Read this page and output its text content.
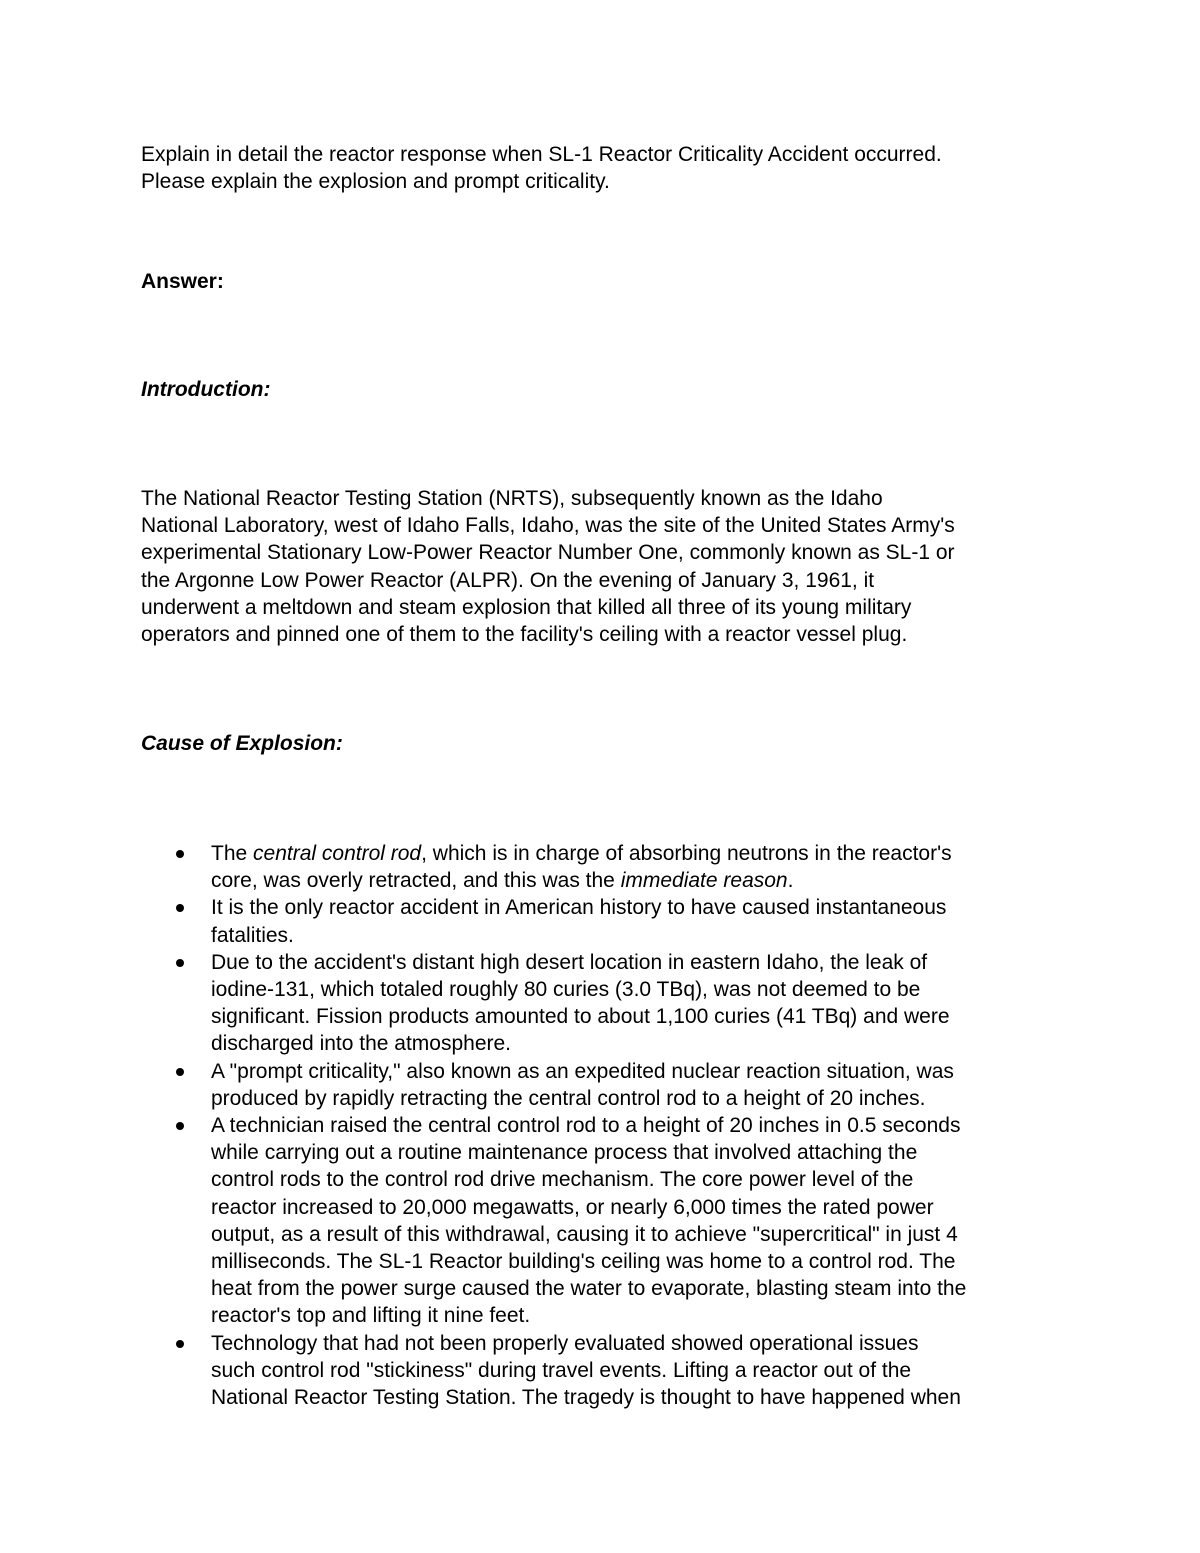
Explain in detail the reactor response when SL-1 Reactor Criticality Accident occurred.
Please explain the explosion and prompt criticality.
Answer:
Introduction:
The National Reactor Testing Station (NRTS), subsequently known as the Idaho
National Laboratory, west of Idaho Falls, Idaho, was the site of the United States Army's
experimental Stationary Low-Power Reactor Number One, commonly known as SL-1 or
the Argonne Low Power Reactor (ALPR). On the evening of January 3, 1961, it
underwent a meltdown and steam explosion that killed all three of its young military
operators and pinned one of them to the facility's ceiling with a reactor vessel plug.
Cause of Explosion:
The central control rod, which is in charge of absorbing neutrons in the reactor's
core, was overly retracted, and this was the immediate reason.
It is the only reactor accident in American history to have caused instantaneous
fatalities.
Due to the accident's distant high desert location in eastern Idaho, the leak of
iodine-131, which totaled roughly 80 curies (3.0 TBq), was not deemed to be
significant. Fission products amounted to about 1,100 curies (41 TBq) and were
discharged into the atmosphere.
A "prompt criticality," also known as an expedited nuclear reaction situation, was
produced by rapidly retracting the central control rod to a height of 20 inches.
A technician raised the central control rod to a height of 20 inches in 0.5 seconds
while carrying out a routine maintenance process that involved attaching the
control rods to the control rod drive mechanism. The core power level of the
reactor increased to 20,000 megawatts, or nearly 6,000 times the rated power
output, as a result of this withdrawal, causing it to achieve "supercritical" in just 4
milliseconds. The SL-1 Reactor building's ceiling was home to a control rod. The
heat from the power surge caused the water to evaporate, blasting steam into the
reactor's top and lifting it nine feet.
Technology that had not been properly evaluated showed operational issues
such control rod "stickiness" during travel events. Lifting a reactor out of the
National Reactor Testing Station. The tragedy is thought to have happened when
